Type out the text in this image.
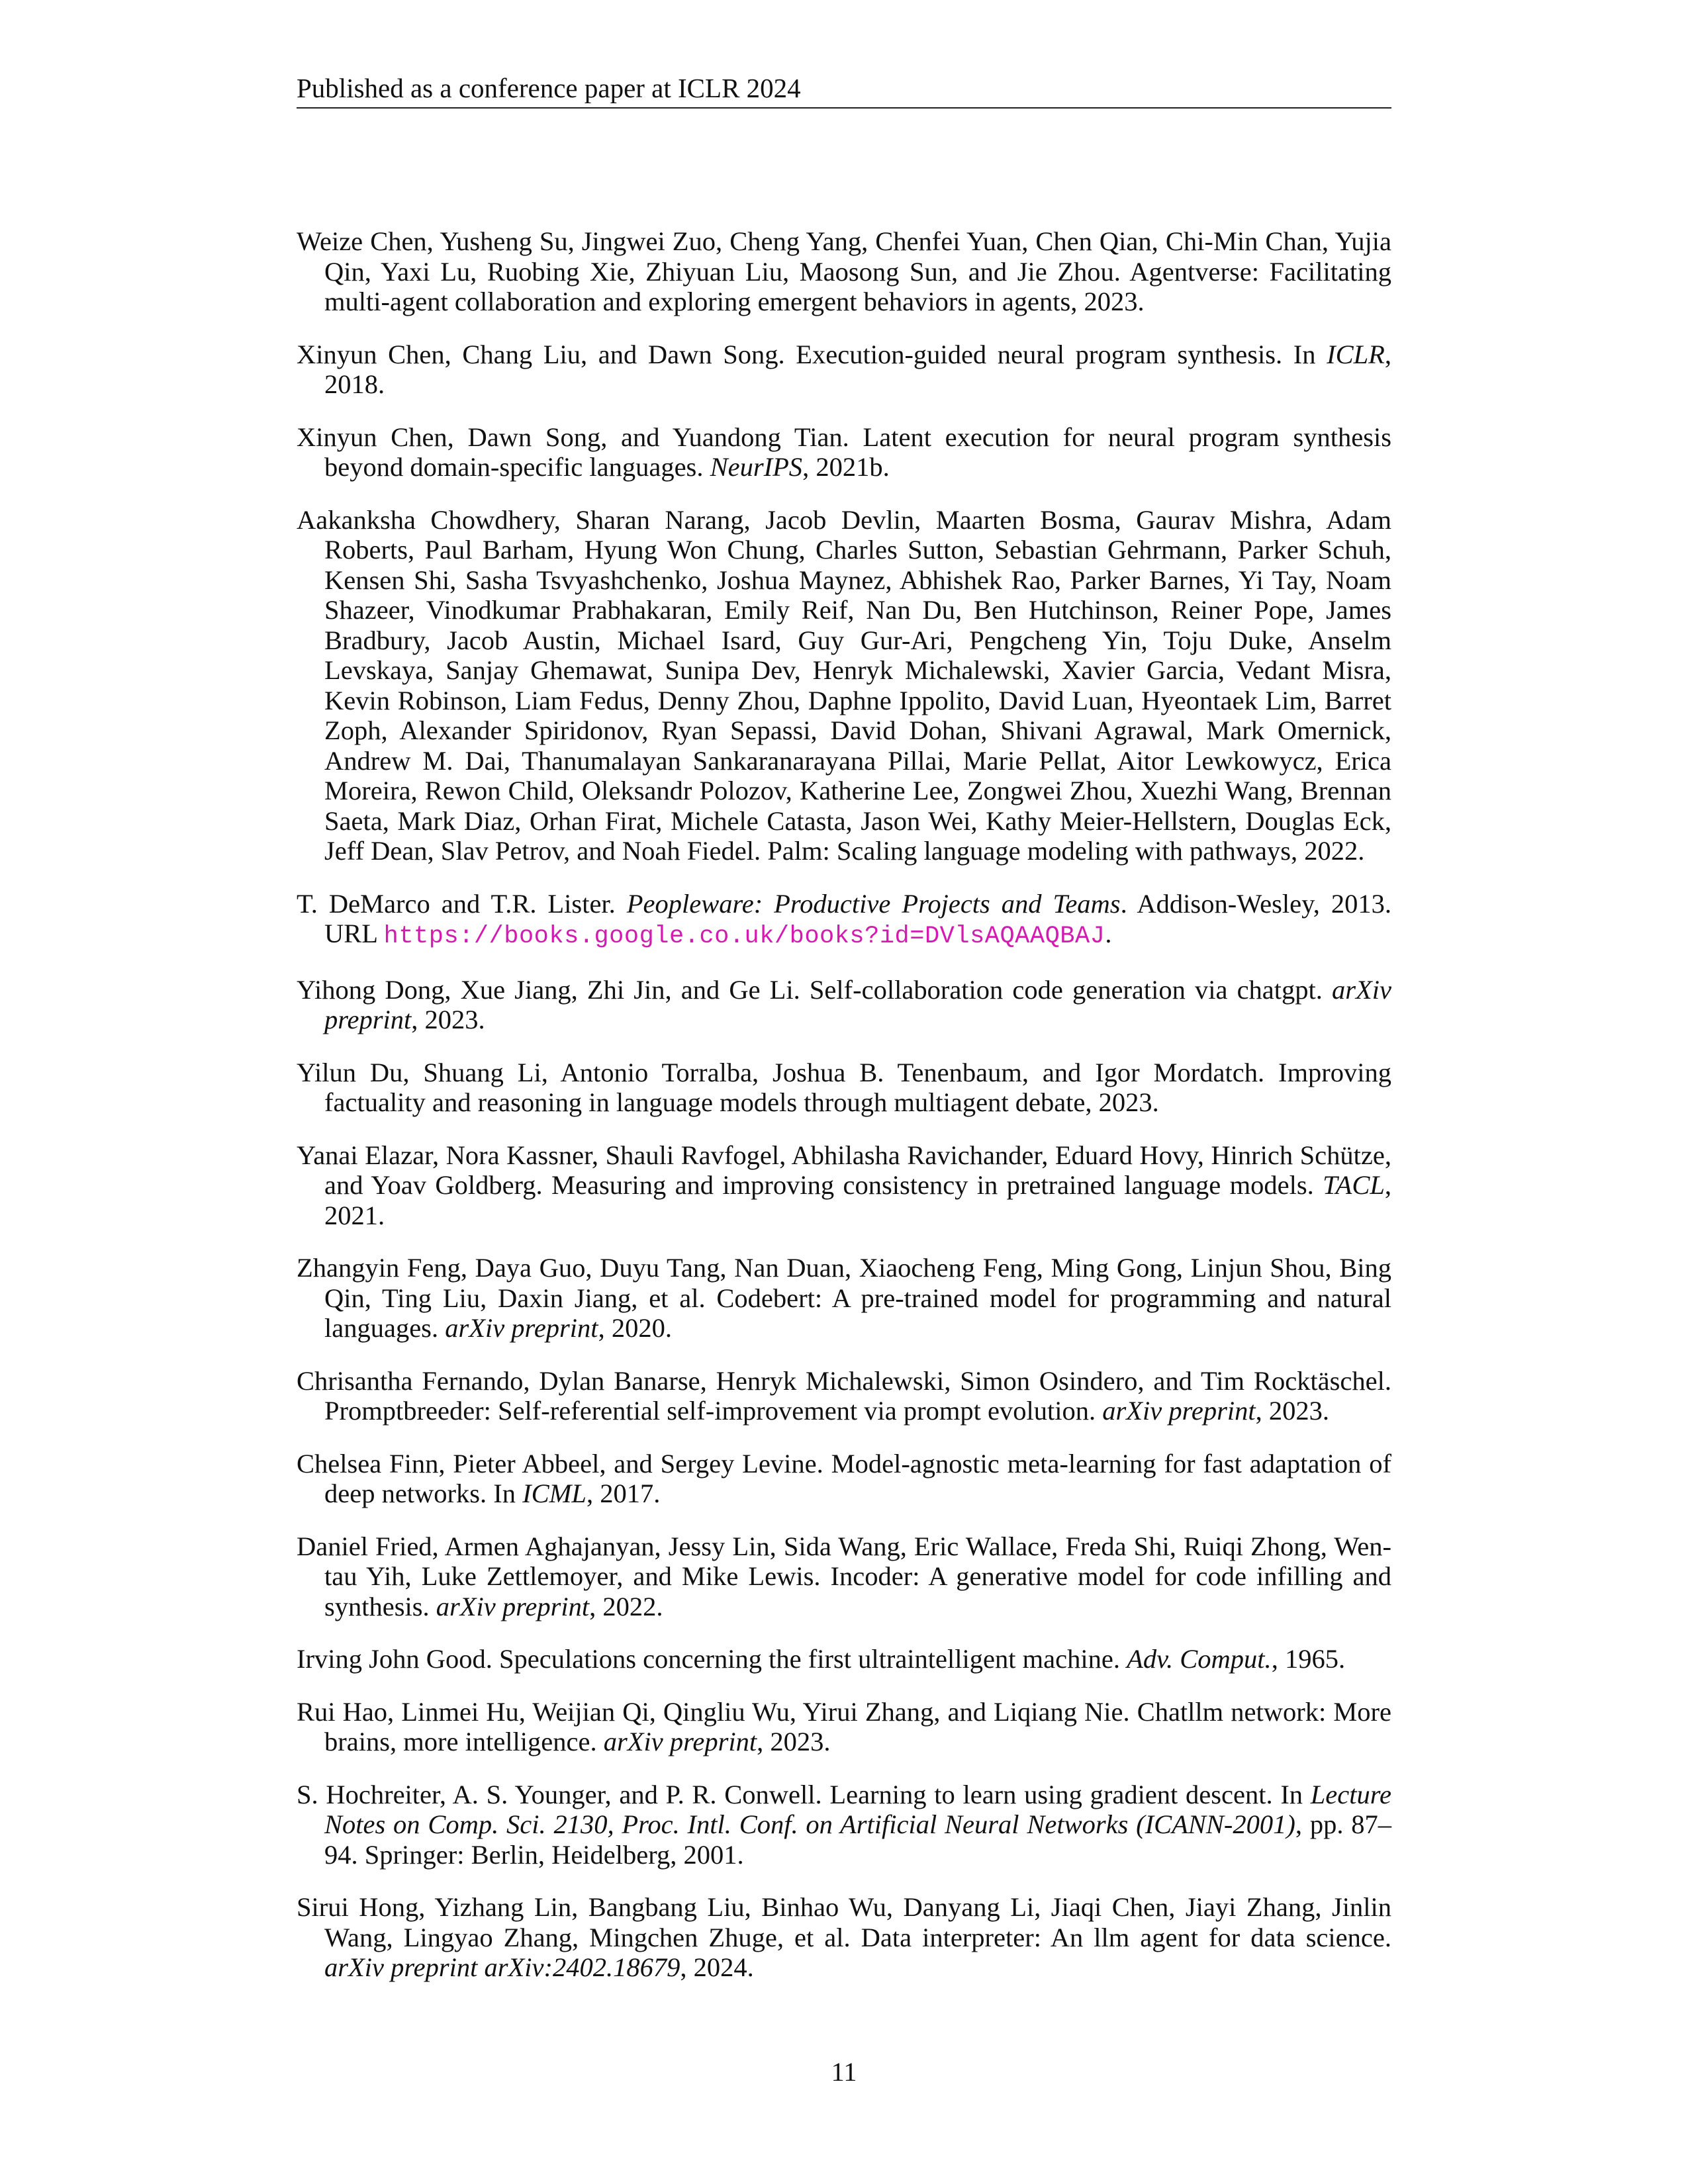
Published as a conference paper at ICLR 2024

Weize Chen, Yusheng Su, Jingwei Zuo, Cheng Yang, Chenfei Yuan, Chen Qian, Chi-Min Chan, Yujia Qin, Yaxi Lu, Ruobing Xie, Zhiyuan Liu, Maosong Sun, and Jie Zhou. Agentverse: Facilitating multi-agent collaboration and exploring emergent behaviors in agents, 2023.

Xinyun Chen, Chang Liu, and Dawn Song. Execution-guided neural program synthesis. In ICLR, 2018.

Xinyun Chen, Dawn Song, and Yuandong Tian. Latent execution for neural program synthesis beyond domain-specific languages. NeurIPS, 2021b.

Aakanksha Chowdhery, Sharan Narang, Jacob Devlin, Maarten Bosma, Gaurav Mishra, Adam Roberts, Paul Barham, Hyung Won Chung, Charles Sutton, Sebastian Gehrmann, Parker Schuh, Kensen Shi, Sasha Tsvyashchenko, Joshua Maynez, Abhishek Rao, Parker Barnes, Yi Tay, Noam Shazeer, Vinodkumar Prabhakaran, Emily Reif, Nan Du, Ben Hutchinson, Reiner Pope, James Bradbury, Jacob Austin, Michael Isard, Guy Gur-Ari, Pengcheng Yin, Toju Duke, Anselm Levskaya, Sanjay Ghemawat, Sunipa Dev, Henryk Michalewski, Xavier Garcia, Vedant Misra, Kevin Robinson, Liam Fedus, Denny Zhou, Daphne Ippolito, David Luan, Hyeontaek Lim, Barret Zoph, Alexander Spiridonov, Ryan Sepassi, David Dohan, Shivani Agrawal, Mark Omernick, Andrew M. Dai, Thanumalayan Sankaranarayana Pillai, Marie Pellat, Aitor Lewkowycz, Erica Moreira, Rewon Child, Oleksandr Polozov, Katherine Lee, Zongwei Zhou, Xuezhi Wang, Brennan Saeta, Mark Diaz, Orhan Firat, Michele Catasta, Jason Wei, Kathy Meier-Hellstern, Douglas Eck, Jeff Dean, Slav Petrov, and Noah Fiedel. Palm: Scaling language modeling with pathways, 2022.

T. DeMarco and T.R. Lister. Peopleware: Productive Projects and Teams. Addison-Wesley, 2013. URL https://books.google.co.uk/books?id=DVlsAQAAQBAJ.

Yihong Dong, Xue Jiang, Zhi Jin, and Ge Li. Self-collaboration code generation via chatgpt. arXiv preprint, 2023.

Yilun Du, Shuang Li, Antonio Torralba, Joshua B. Tenenbaum, and Igor Mordatch. Improving factuality and reasoning in language models through multiagent debate, 2023.

Yanai Elazar, Nora Kassner, Shauli Ravfogel, Abhilasha Ravichander, Eduard Hovy, Hinrich Schütze, and Yoav Goldberg. Measuring and improving consistency in pretrained language models. TACL, 2021.

Zhangyin Feng, Daya Guo, Duyu Tang, Nan Duan, Xiaocheng Feng, Ming Gong, Linjun Shou, Bing Qin, Ting Liu, Daxin Jiang, et al. Codebert: A pre-trained model for programming and natural languages. arXiv preprint, 2020.

Chrisantha Fernando, Dylan Banarse, Henryk Michalewski, Simon Osindero, and Tim Rocktäschel. Promptbreeder: Self-referential self-improvement via prompt evolution. arXiv preprint, 2023.

Chelsea Finn, Pieter Abbeel, and Sergey Levine. Model-agnostic meta-learning for fast adaptation of deep networks. In ICML, 2017.

Daniel Fried, Armen Aghajanyan, Jessy Lin, Sida Wang, Eric Wallace, Freda Shi, Ruiqi Zhong, Wen-tau Yih, Luke Zettlemoyer, and Mike Lewis. Incoder: A generative model for code infilling and synthesis. arXiv preprint, 2022.

Irving John Good. Speculations concerning the first ultraintelligent machine. Adv. Comput., 1965.

Rui Hao, Linmei Hu, Weijian Qi, Qingliu Wu, Yirui Zhang, and Liqiang Nie. Chatllm network: More brains, more intelligence. arXiv preprint, 2023.

S. Hochreiter, A. S. Younger, and P. R. Conwell. Learning to learn using gradient descent. In Lecture Notes on Comp. Sci. 2130, Proc. Intl. Conf. on Artificial Neural Networks (ICANN-2001), pp. 87–94. Springer: Berlin, Heidelberg, 2001.

Sirui Hong, Yizhang Lin, Bangbang Liu, Binhao Wu, Danyang Li, Jiaqi Chen, Jiayi Zhang, Jinlin Wang, Lingyao Zhang, Mingchen Zhuge, et al. Data interpreter: An llm agent for data science. arXiv preprint arXiv:2402.18679, 2024.

11
